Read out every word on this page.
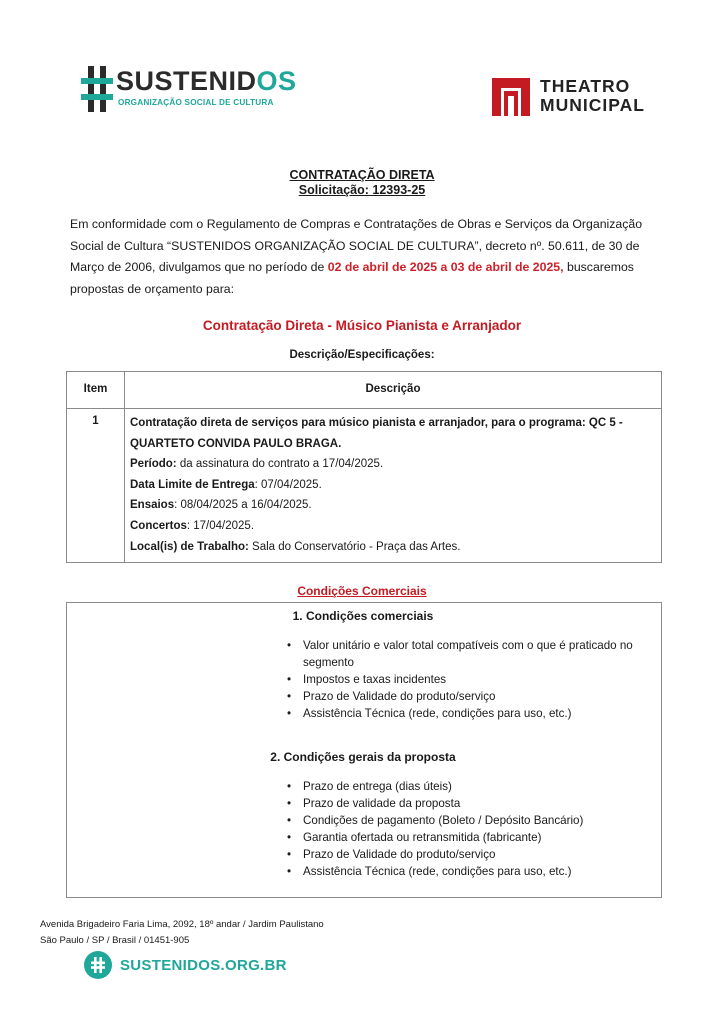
SUSTENIDOS
ORGANIZAÇÃO SOCIAL DE CULTURA
THEATRO
MUNICIPAL
CONTRATAÇÃO DIRETA
Solicitação: 12393-25

Em conformidade com o Regulamento de Compras e Contratações de Obras e Serviços da Organização Social de Cultura “SUSTENIDOS ORGANIZAÇÃO SOCIAL DE CULTURA”, decreto nº. 50.611, de 30 de Março de 2006, divulgamos que no período de 02 de abril de 2025 a 03 de abril de 2025, buscaremos propostas de orçamento para:

Contratação Direta - Músico Pianista e Arranjador
Descrição/Especificações:
Item	Descrição
1	Contratação direta de serviços para músico pianista e arranjador, para o programa: QC 5 - QUARTETO CONVIDA PAULO BRAGA.
Período: da assinatura do contrato a 17/04/2025.
Data Limite de Entrega: 07/04/2025.
Ensaios: 08/04/2025 a 16/04/2025.
Concertos: 17/04/2025.
Local(is) de Trabalho: Sala do Conservatório - Praça das Artes.
Condições Comerciais
1. Condições comerciais
• Valor unitário e valor total compatíveis com o que é praticado no segmento
• Impostos e taxas incidentes
• Prazo de Validade do produto/serviço
• Assistência Técnica (rede, condições para uso, etc.)
2. Condições gerais da proposta
• Prazo de entrega (dias úteis)
• Prazo de validade da proposta
• Condições de pagamento (Boleto / Depósito Bancário)
• Garantia ofertada ou retransmitida (fabricante)
• Prazo de Validade do produto/serviço
• Assistência Técnica (rede, condições para uso, etc.)
Avenida Brigadeiro Faria Lima, 2092, 18º andar / Jardim Paulistano
São Paulo / SP / Brasil / 01451-905
SUSTENIDOS.ORG.BR
